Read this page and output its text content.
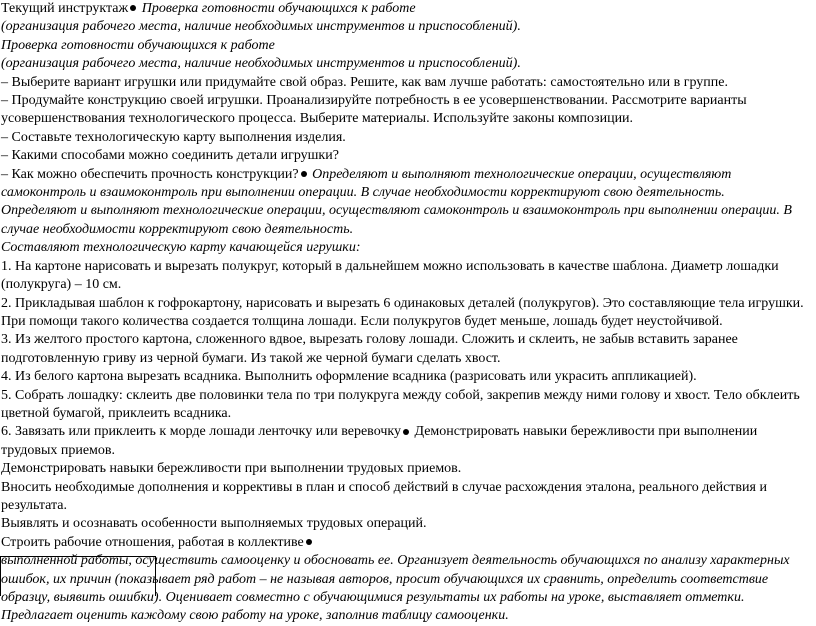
Текущий инструктаж Проверка готовности обучающихся к работе

(организация рабочего места, наличие необходимых инструментов и приспособлений).

Проверка готовности обучающихся к работе

(организация рабочего места, наличие необходимых инструментов и приспособлений).

– Выберите вариант игрушки или придумайте свой образ. Решите, как вам лучше работать: самостоятельно или в группе.

– Продумайте конструкцию своей игрушки. Проанализируйте потребность в ее усовершенствовании. Рассмотрите варианты усовершенствования технологического процесса. Выберите материалы. Используйте законы композиции.

– Составьте технологическую карту выполнения изделия.

– Какими способами можно соединить детали игрушки?

– Как можно обеспечить прочность конструкции? Определяют и выполняют технологические операции, осуществляют самоконтроль и взаимоконтроль при выполнении операции. В случае необходимости корректируют свою деятельность.

Определяют и выполняют технологические операции, осуществляют самоконтроль и взаимоконтроль при выполнении операции. В случае необходимости корректируют свою деятельность.

Составляют технологическую карту качающейся игрушки:

1. На картоне нарисовать и вырезать полукруг, который в дальнейшем можно использовать в качестве шаблона. Диаметр лошадки (полукруга) – 10 см.

2. Прикладывая шаблон к гофрокартону, нарисовать и вырезать 6 одинаковых деталей (полукругов). Это составляющие тела игрушки. При помощи такого количества создается толщина лошади. Если полукругов будет меньше, лошадь будет неустойчивой.

3. Из желтого простого картона, сложенного вдвое, вырезать голову лошади. Сложить и склеить, не забыв вставить заранее подготовленную гриву из черной бумаги. Из такой же черной бумаги сделать хвост.

4. Из белого картона вырезать всадника. Выполнить оформление всадника (разрисовать или украсить аппликацией).

5. Собрать лошадку: склеить две половинки тела по три полукруга между собой, закрепив между ними голову и хвост. Тело обклеить цветной бумагой, приклеить всадника.

6. Завязать или приклеить к морде лошади ленточку или веревочку Демонстрировать навыки бережливости при выполнении трудовых приемов.

Демонстрировать навыки бережливости при выполнении трудовых приемов.

Вносить необходимые дополнения и коррективы в план и способ действий в случае расхождения эталона, реального действия и результата.

Выявлять и осознавать особенности выполняемых трудовых операций.

Строить рабочие отношения, работая в коллективе

выполненной работы, осуществить самооценку и обосновать ее. Организует деятельность обучающихся по анализу характерных ошибок, их причин (показывает ряд работ – не называя авторов, просит обучающихся их сравнить, определить соответствие образцу, выявить ошибки). Оценивает совместно с обучающимися результаты их работы на уроке, выставляет отметки. Предлагает оценить каждому свою работу на уроке, заполнив таблицу самооценки.
